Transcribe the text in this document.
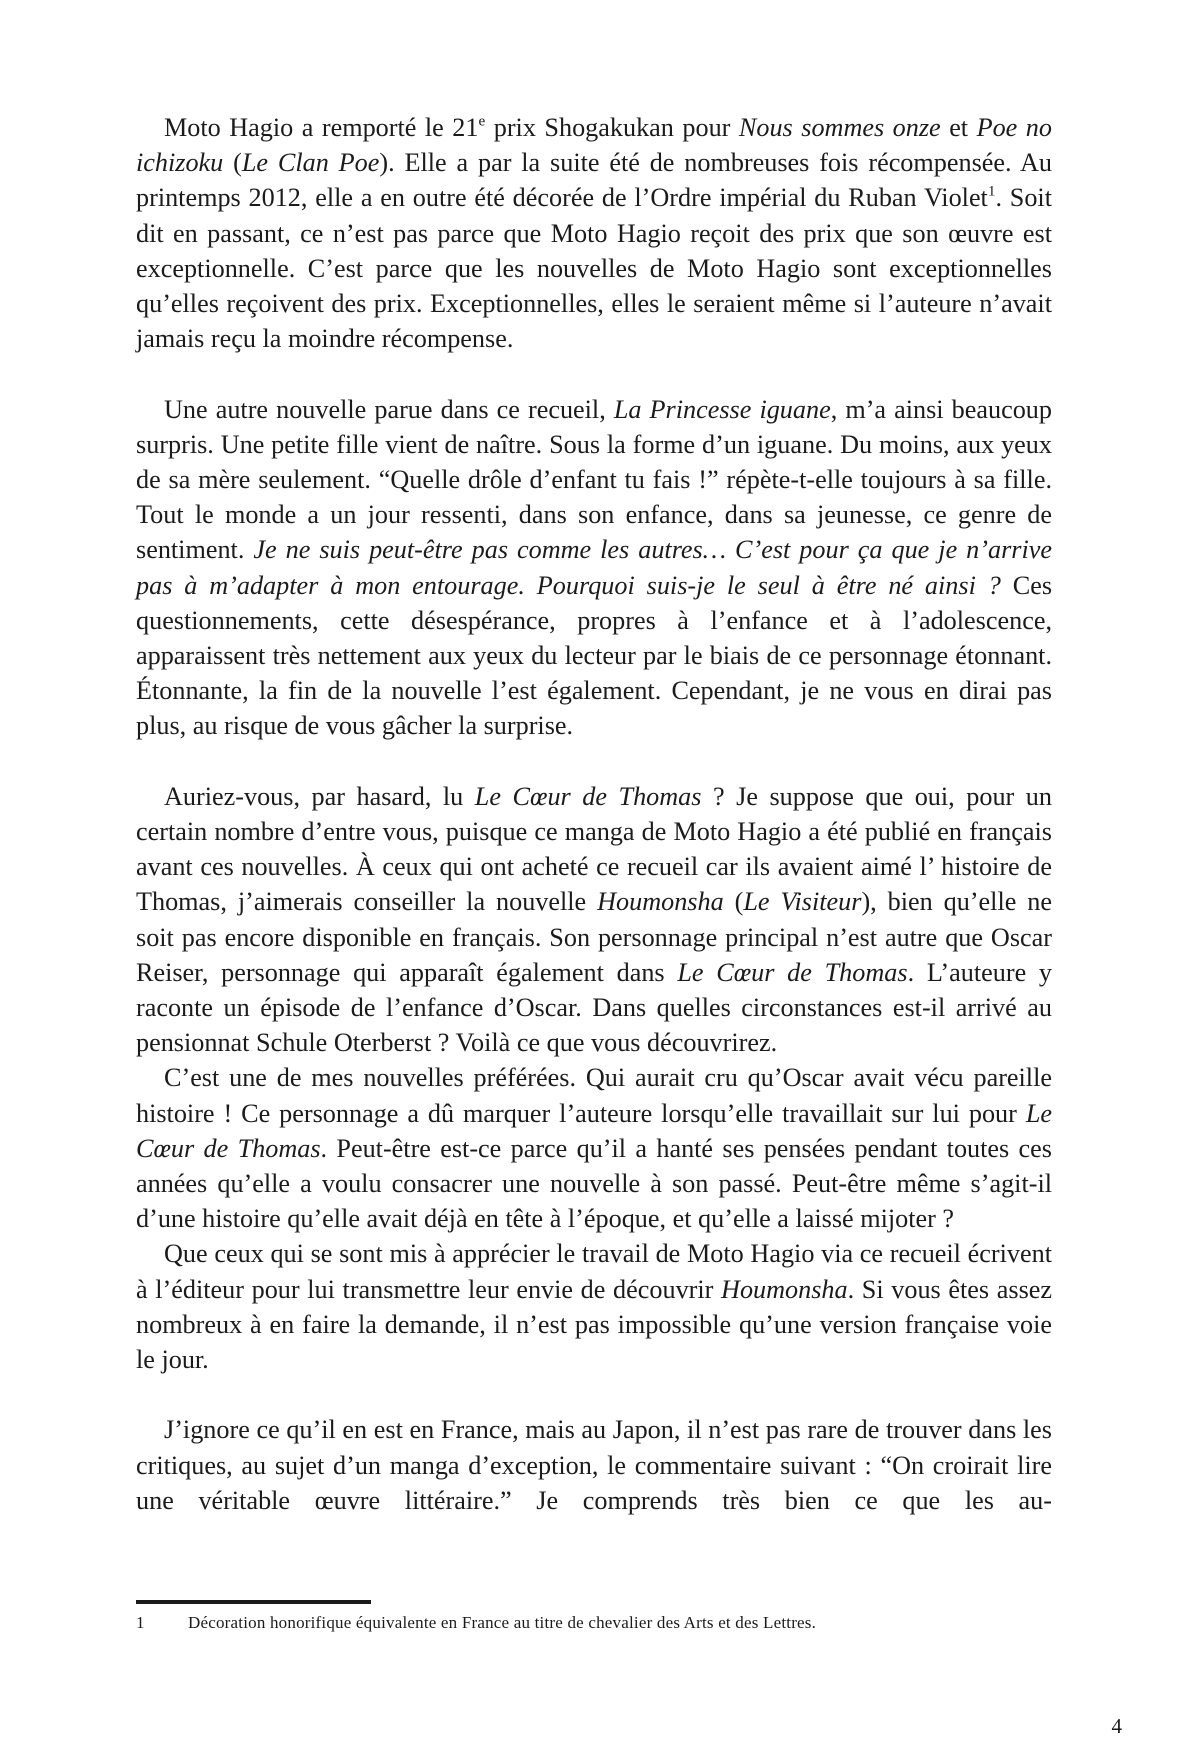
Moto Hagio a remporté le 21e prix Shogakukan pour Nous sommes onze et Poe no ichizoku (Le Clan Poe). Elle a par la suite été de nombreuses fois récompensée. Au printemps 2012, elle a en outre été décorée de l’Ordre impérial du Ruban Violet$^1$. Soit dit en passant, ce n’est pas parce que Moto Hagio reçoit des prix que son œuvre est exceptionnelle. C’est parce que les nouvelles de Moto Hagio sont exceptionnelles qu’elles reçoivent des prix. Exceptionnelles, elles le seraient même si l’auteure n’avait jamais reçu la moindre récompense.

Une autre nouvelle parue dans ce recueil, La Princesse iguane, m’a ainsi beaucoup surpris. Une petite fille vient de naître. Sous la forme d’un iguane. Du moins, aux yeux de sa mère seulement. “Quelle drôle d’enfant tu fais !” répète-t-elle toujours à sa fille. Tout le monde a un jour ressenti, dans son enfance, dans sa jeunesse, ce genre de sentiment. Je ne suis peut-être pas comme les autres… C’est pour ça que je n’arrive pas à m’adapter à mon entourage. Pourquoi suis-je le seul à être né ainsi ? Ces questionnements, cette désespérance, propres à l’enfance et à l’adolescence, apparaissent très nettement aux yeux du lecteur par le biais de ce personnage étonnant. Étonnante, la fin de la nouvelle l’est également. Cependant, je ne vous en dirai pas plus, au risque de vous gâcher la surprise.

Auriez-vous, par hasard, lu Le Cœur de Thomas ? Je suppose que oui, pour un certain nombre d’entre vous, puisque ce manga de Moto Hagio a été publié en français avant ces nouvelles. À ceux qui ont acheté ce recueil car ils avaient aimé l’ histoire de Thomas, j’aimerais conseiller la nouvelle Houmonsha (Le Visiteur), bien qu’elle ne soit pas encore disponible en français. Son personnage principal n’est autre que Oscar Reiser, personnage qui apparaît également dans Le Cœur de Thomas. L’auteure y raconte un épisode de l’enfance d’Oscar. Dans quelles circonstances est-il arrivé au pensionnat Schule Oterberst ? Voilà ce que vous découvrirez.

C’est une de mes nouvelles préférées. Qui aurait cru qu’Oscar avait vécu pareille histoire ! Ce personnage a dû marquer l’auteure lorsqu’elle travaillait sur lui pour Le Cœur de Thomas. Peut-être est-ce parce qu’il a hanté ses pensées pendant toutes ces années qu’elle a voulu consacrer une nouvelle à son passé. Peut-être même s’agit-il d’une histoire qu’elle avait déjà en tête à l’époque, et qu’elle a laissé mijoter ?

Que ceux qui se sont mis à apprécier le travail de Moto Hagio via ce recueil écrivent à l’éditeur pour lui transmettre leur envie de découvrir Houmonsha. Si vous êtes assez nombreux à en faire la demande, il n’est pas impossible qu’une version française voie le jour.

J’ignore ce qu’il en est en France, mais au Japon, il n’est pas rare de trouver dans les critiques, au sujet d’un manga d’exception, le commentaire suivant : “On croirait lire une véritable œuvre littéraire.” Je comprends très bien ce que les au-

1	Décoration honorifique équivalente en France au titre de chevalier des Arts et des Lettres.
4
